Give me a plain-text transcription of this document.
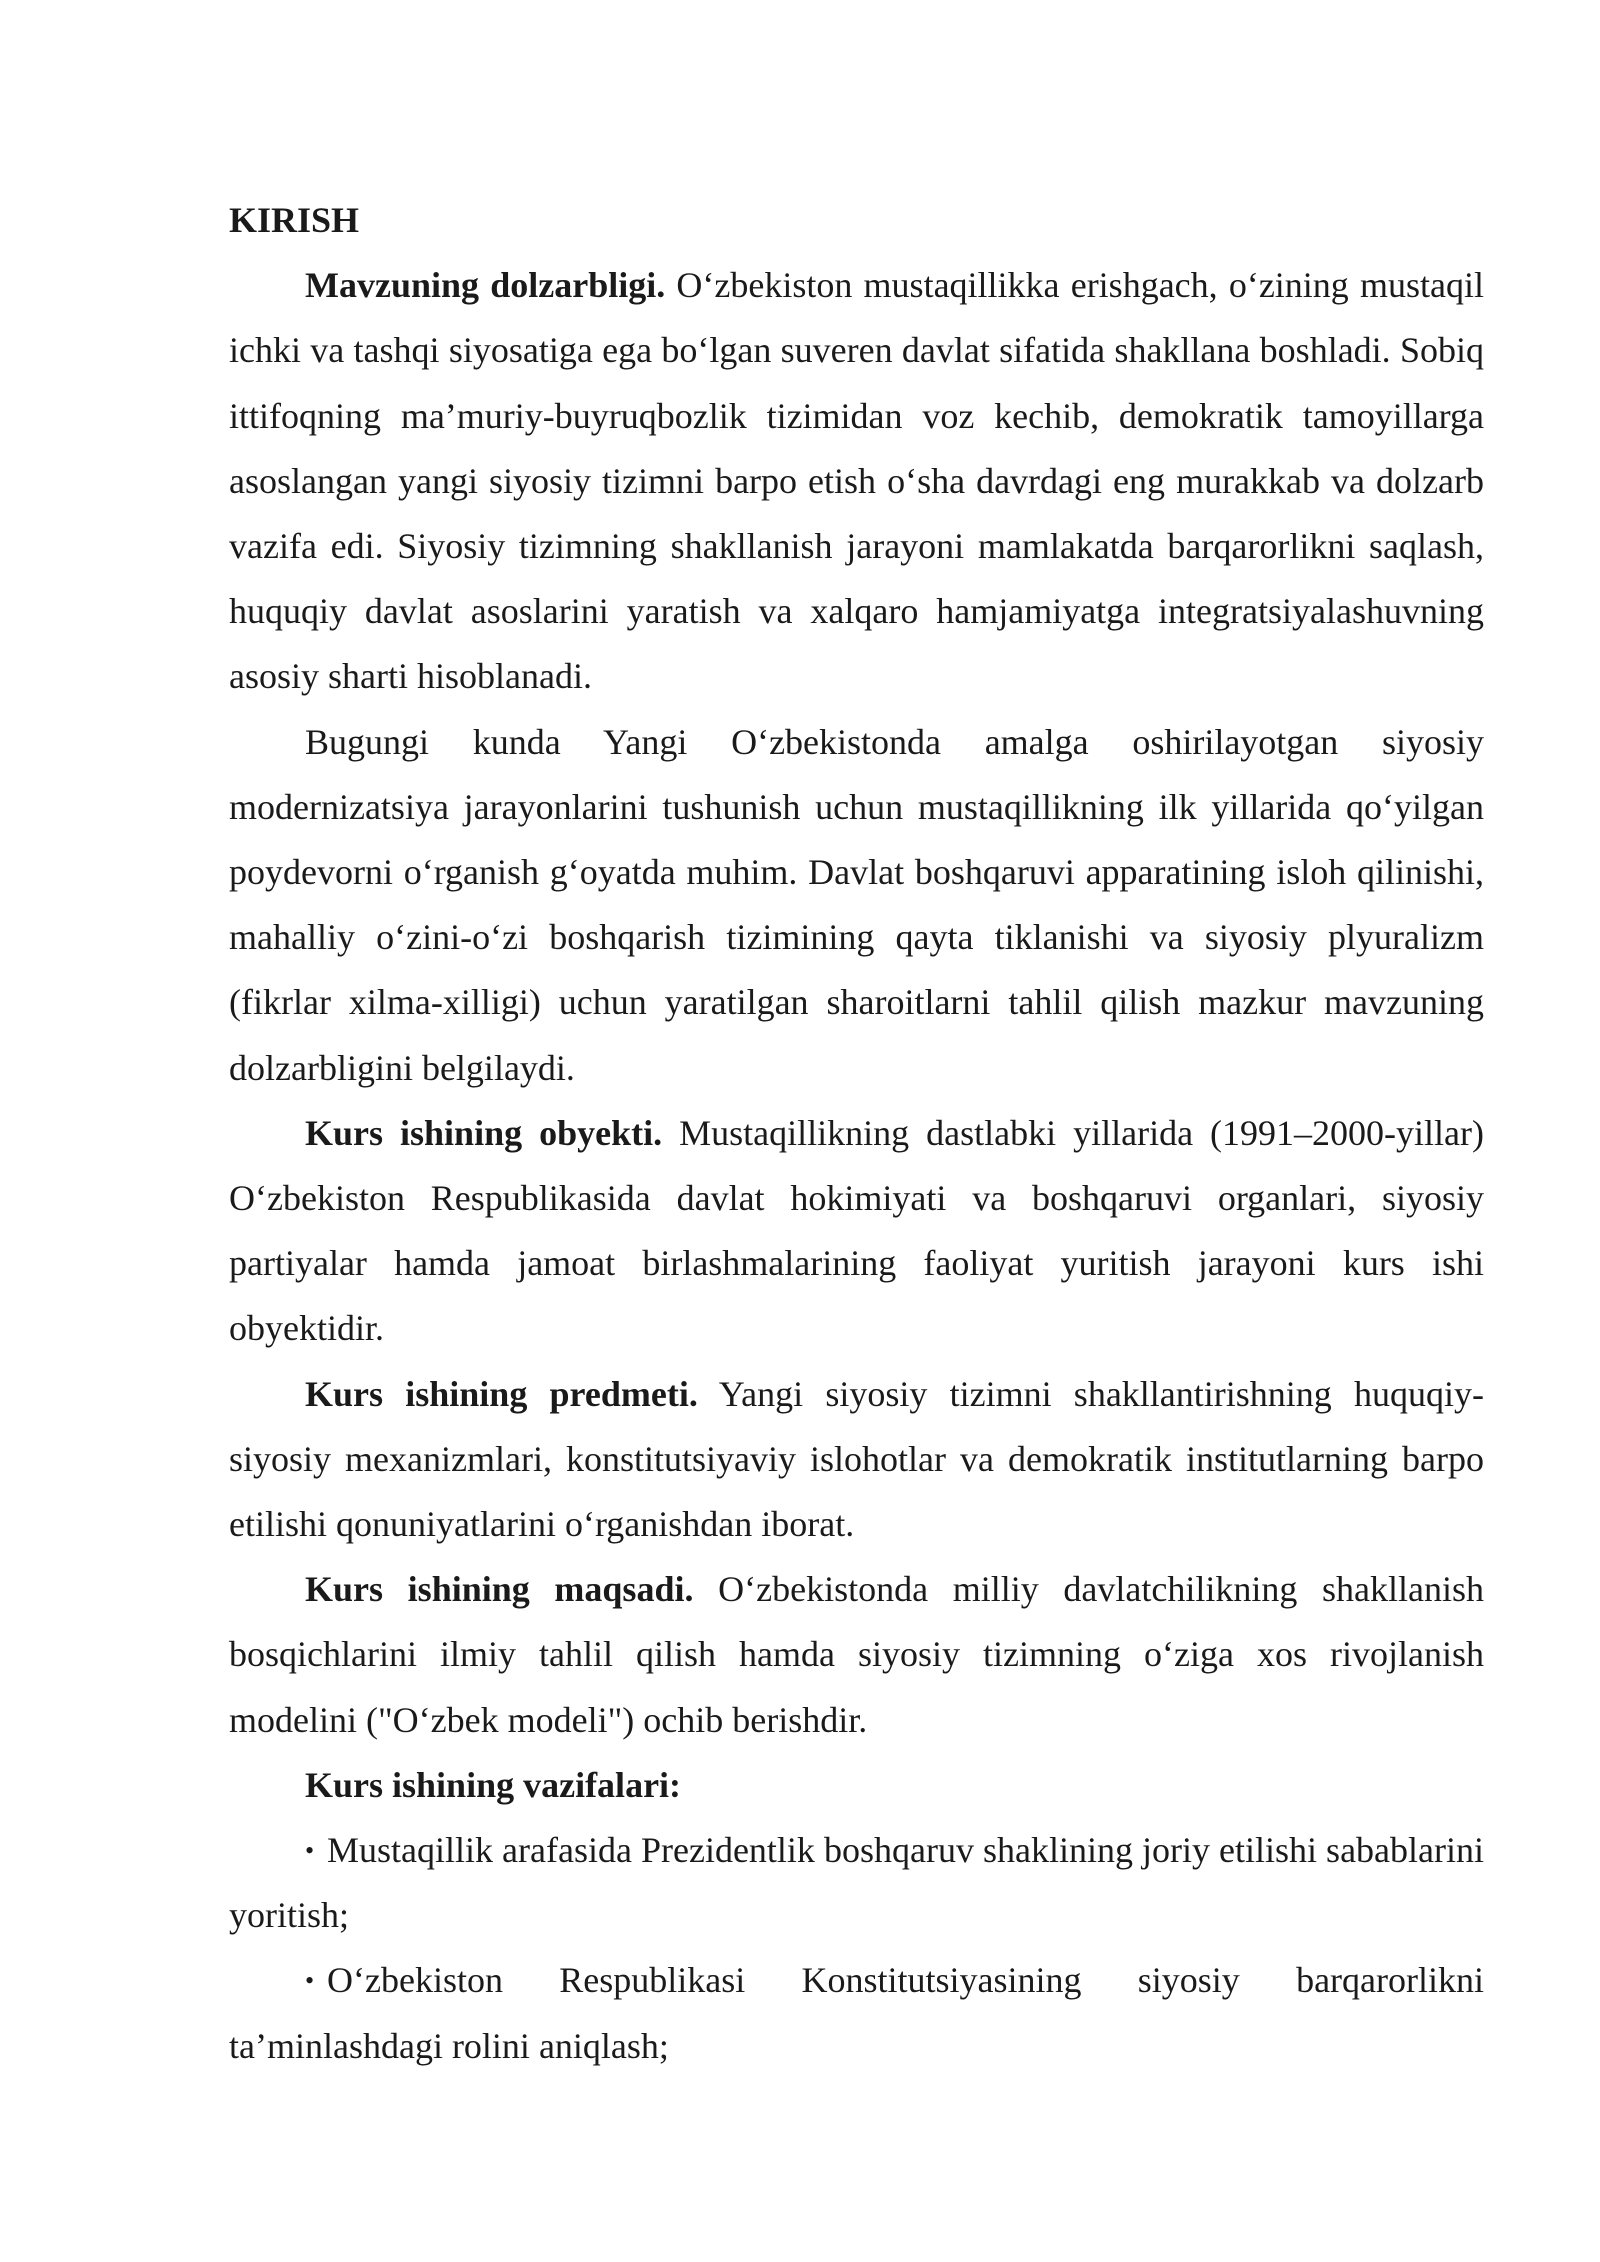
KIRISH

Mavzuning dolzarbligi. O‘zbekiston mustaqillikka erishgach, o‘zining mustaqil ichki va tashqi siyosatiga ega bo‘lgan suveren davlat sifatida shakllana boshladi. Sobiq ittifoqning ma’muriy-buyruqbozlik tizimidan voz kechib, demokratik tamoyillarga asoslangan yangi siyosiy tizimni barpo etish o‘sha davrdagi eng murakkab va dolzarb vazifa edi. Siyosiy tizimning shakllanish jarayoni mamlakatda barqarorlikni saqlash, huquqiy davlat asoslarini yaratish va xalqaro hamjamiyatga integratsiyalashuvning asosiy sharti hisoblanadi.

Bugungi kunda Yangi O‘zbekistonda amalga oshirilayotgan siyosiy modernizatsiya jarayonlarini tushunish uchun mustaqillikning ilk yillarida qo‘yilgan poydevorni o‘rganish g‘oyatda muhim. Davlat boshqaruvi apparatining isloh qilinishi, mahalliy o‘zini-o‘zi boshqarish tizimining qayta tiklanishi va siyosiy plyuralizm (fikrlar xilma-xilligi) uchun yaratilgan sharoitlarni tahlil qilish mazkur mavzuning dolzarbligini belgilaydi.

Kurs ishining obyekti. Mustaqillikning dastlabki yillarida (1991–2000-yillar) O‘zbekiston Respublikasida davlat hokimiyati va boshqaruvi organlari, siyosiy partiyalar hamda jamoat birlashmalarining faoliyat yuritish jarayoni kurs ishi obyektidir.

Kurs ishining predmeti. Yangi siyosiy tizimni shakllantirishning huquqiy-siyosiy mexanizmlari, konstitutsiyaviy islohotlar va demokratik institutlarning barpo etilishi qonuniyatlarini o‘rganishdan iborat.

Kurs ishining maqsadi. O‘zbekistonda milliy davlatchilikning shakllanish bosqichlarini ilmiy tahlil qilish hamda siyosiy tizimning o‘ziga xos rivojlanish modelini ("O‘zbek modeli") ochib berishdir.

Kurs ishining vazifalari:

• Mustaqillik arafasida Prezidentlik boshqaruv shaklining joriy etilishi sabablarini yoritish;
• O‘zbekiston Respublikasi Konstitutsiyasining siyosiy barqarorlikni ta’minlashdagi rolini aniqlash;
